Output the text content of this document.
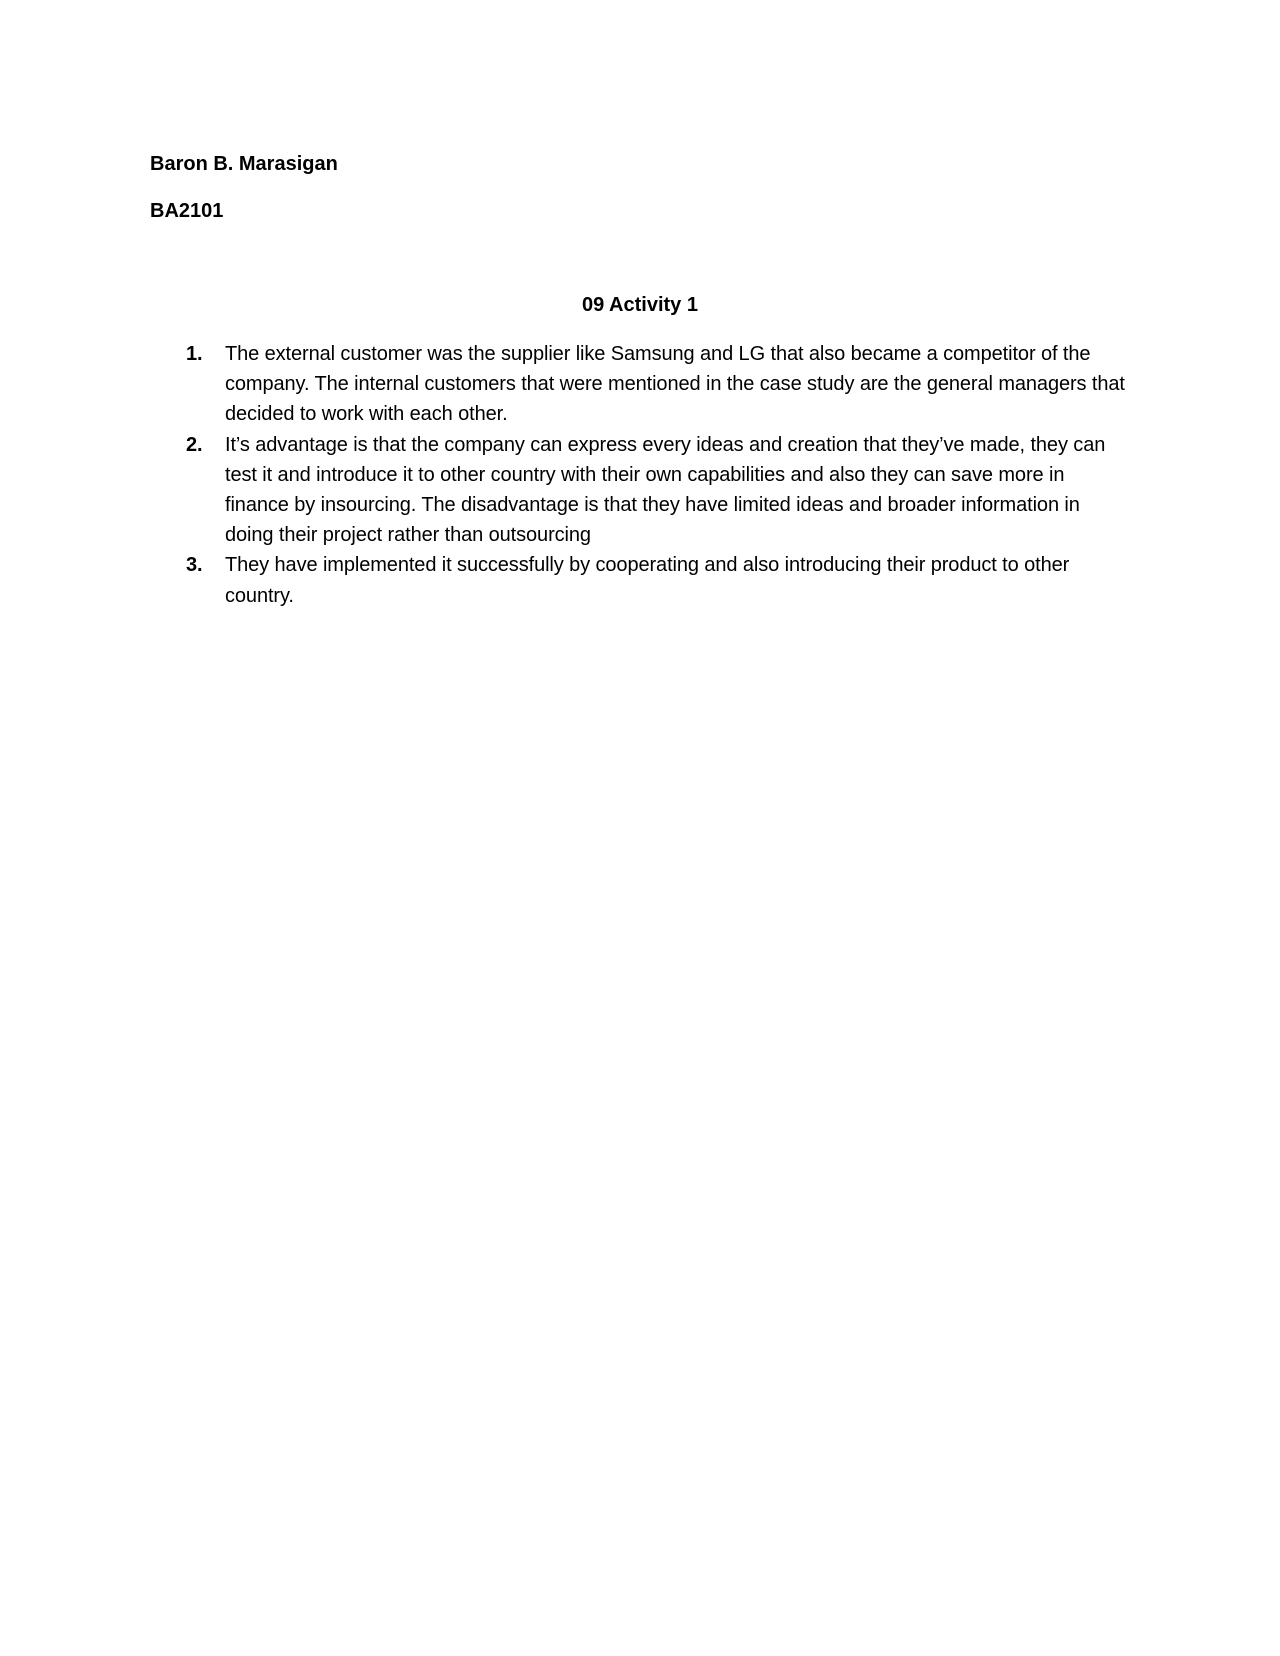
Baron B. Marasigan
BA2101
09 Activity 1
1. The external customer was the supplier like Samsung and LG that also became a competitor of the company. The internal customers that were mentioned in the case study are the general managers that decided to work with each other.
2. It’s advantage is that the company can express every ideas and creation that they’ve made, they can test it and introduce it to other country with their own capabilities and also they can save more in finance by insourcing. The disadvantage is that they have limited ideas and broader information in doing their project rather than outsourcing
3. They have implemented it successfully by cooperating and also introducing their product to other country.
